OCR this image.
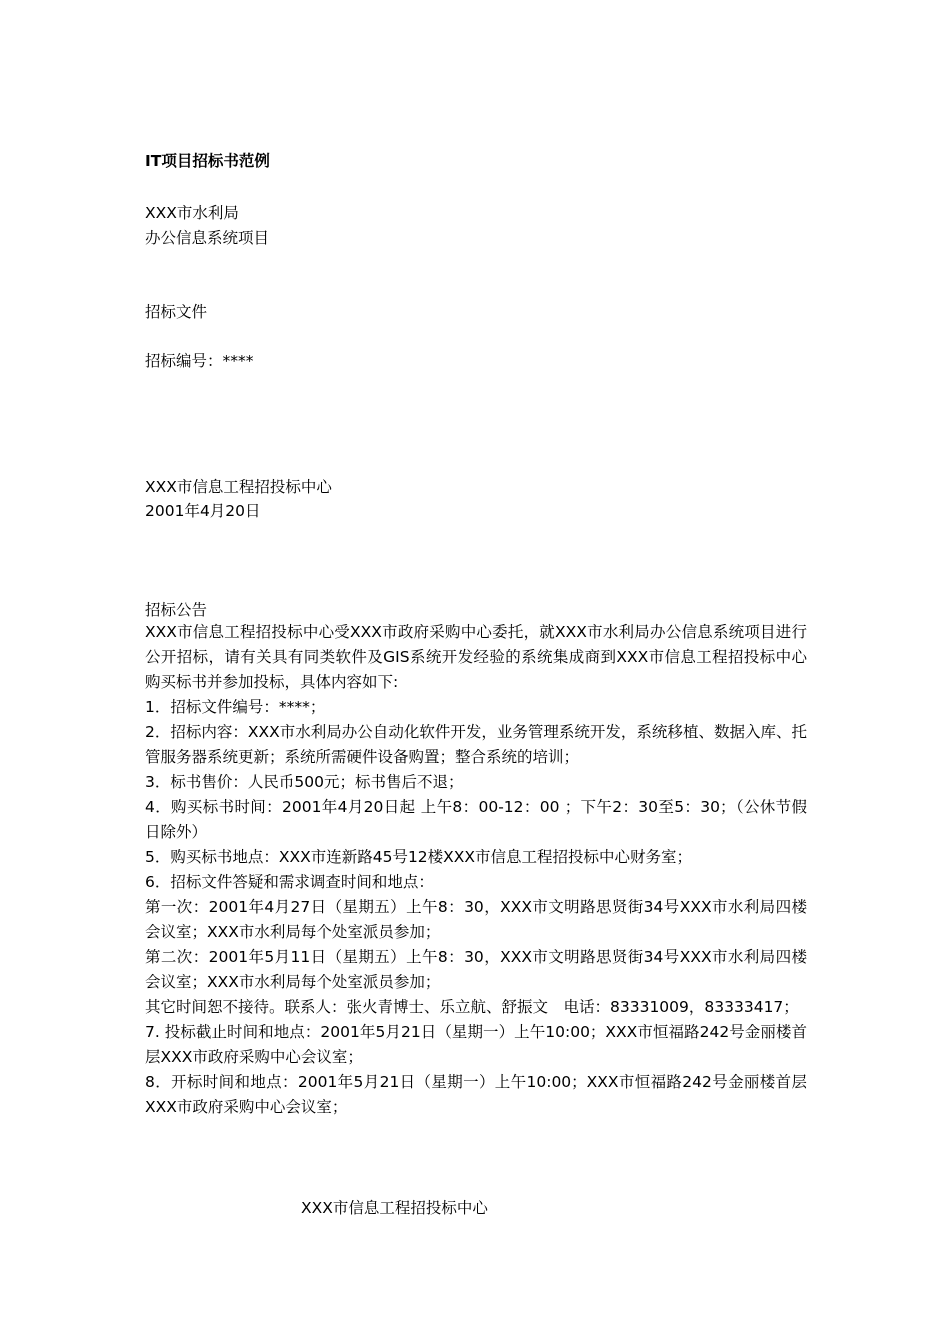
IT项目招标书范例
XXX市水利局
办公信息系统项目
招标文件
招标编号：****
XXX市信息工程招投标中心
2001年4月20日
招标公告

XXX市信息工程招投标中心受XXX市政府采购中心委托，就XXX市水利局办公信息系统项目进行公开招标，请有关具有同类软件及GIS系统开发经验的系统集成商到XXX市信息工程招投标中心购买标书并参加投标，具体内容如下:

1．招标文件编号：****；

2．招标内容：XXX市水利局办公自动化软件开发，业务管理系统开发，系统移植、数据入库、托管服务器系统更新；系统所需硬件设备购置；整合系统的培训；

3．标书售价：人民币500元；标书售后不退；

4．购买标书时间：2001年4月20日起 上午8：00-12：00 ；下午2：30至5：30；（公休节假日除外）

5．购买标书地点：XXX市连新路45号12楼XXX市信息工程招投标中心财务室；

6．招标文件答疑和需求调查时间和地点：

第一次：2001年4月27日（星期五）上午8：30，XXX市文明路思贤街34号XXX市水利局四楼会议室；XXX市水利局每个处室派员参加；

第二次：2001年5月11日（星期五）上午8：30，XXX市文明路思贤街34号XXX市水利局四楼会议室；XXX市水利局每个处室派员参加；

其它时间恕不接待。联系人：张火青博士、乐立航、舒振文　电话：83331009，83333417；

7. 投标截止时间和地点：2001年5月21日（星期一）上午10:00；XXX市恒福路242号金丽楼首层XXX市政府采购中心会议室；

8．开标时间和地点：2001年5月21日（星期一）上午10:00；XXX市恒福路242号金丽楼首层XXX市政府采购中心会议室；

XXX市信息工程招投标中心
